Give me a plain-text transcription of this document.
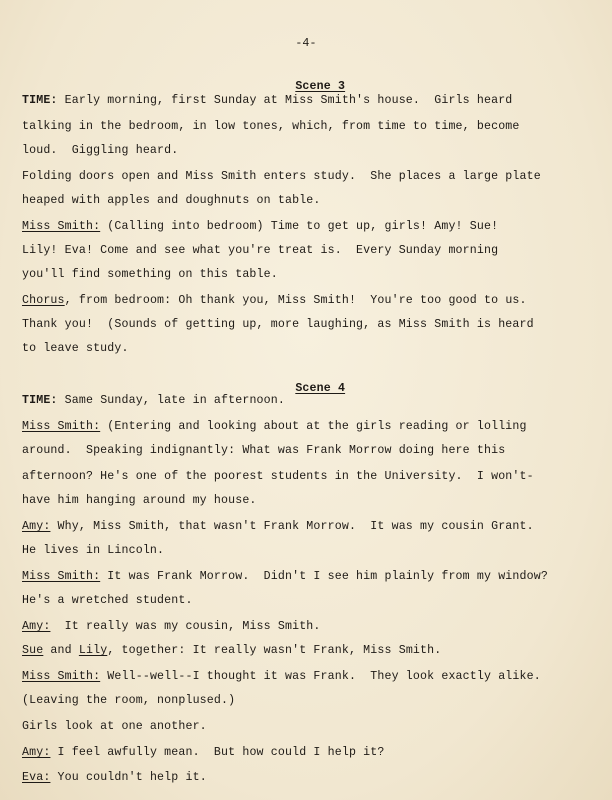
-4-

Scene 3

TIME: Early morning, first Sunday at Miss Smith's house.  Girls heard
talking in the bedroom, in low tones, which, from time to time, become
loud.  Giggling heard.
Folding doors open and Miss Smith enters study.  She places a large plate
heaped with apples and doughnuts on table.
Miss Smith: (Calling into bedroom) Time to get up, girls! Amy! Sue!
Lily! Eva! Come and see what you're treat is.  Every Sunday morning
you'll find something on this table.
Chorus, from bedroom: Oh thank you, Miss Smith!  You're too good to us.
Thank you!  (Sounds of getting up, more laughing, as Miss Smith is heard
to leave study.

Scene 4

TIME: Same Sunday, late in afternoon.
Miss Smith: (Entering and looking about at the girls reading or lolling
around.  Speaking indignantly: What was Frank Morrow doing here this
afternoon? He's one of the poorest students in the University.  I won't-
have him hanging around my house.
Amy: Why, Miss Smith, that wasn't Frank Morrow.  It was my cousin Grant.
He lives in Lincoln.
Miss Smith: It was Frank Morrow.  Didn't I see him plainly from my window?
He's a wretched student.
Amy:  It really was my cousin, Miss Smith.
Sue and Lily, together: It really wasn't Frank, Miss Smith.
Miss Smith: Well--well--I thought it was Frank.  They look exactly alike.
(Leaving the room, nonplused.)
Girls look at one another.
Amy: I feel awfully mean.  But how could I help it?
Eva: You couldn't help it.
